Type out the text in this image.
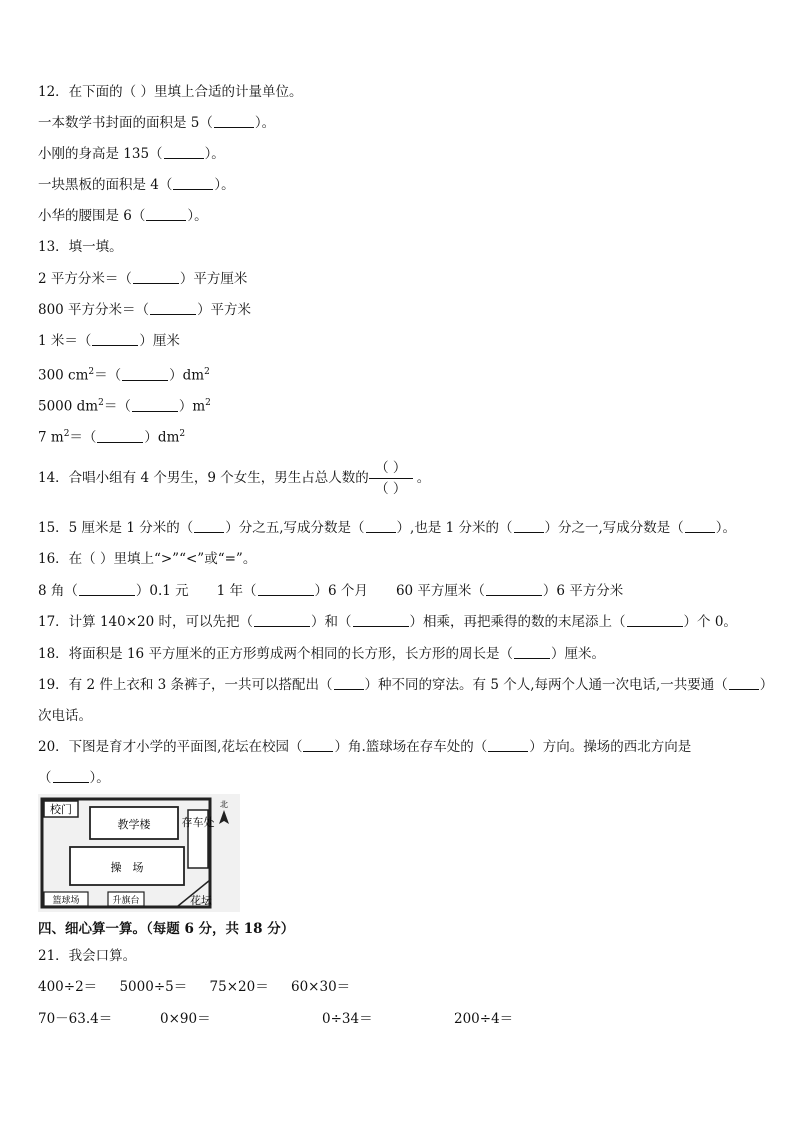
12．在下面的（ ）里填上合适的计量单位。
一本数学书封面的面积是 5（	）。
小刚的身高是 135（	）。
一块黑板的面积是 4（	）。
小华的腰围是 6（	）。
13．填一填。
2 平方分米＝（	）平方厘米
800 平方分米＝（	）平方米
1 米＝（	）厘米
300 $cm^2=$（	）$dm^2$
5000 $dm^2=$（	）$m^2$
7 $m^2=$（	）$dm^2$
14．合唱小组有 4 个男生，9 个女生，男生占总人数的$\frac{( )}{( )}$ 。
15．5 厘米是 1 分米的（ ）分之五,写成分数是（ ）,也是 1 分米的（ ）分之一,写成分数是（ ）。
16．在（ ）里填上“>”“<”或“=”。
8 角（	）0.1 元 1 年（	）6 个月 60 平方厘米（	）6 平方分米
17．计算 140×20 时，可以先把（	）和（	）相乘，再把乘得的数的末尾添上（	）个 0。
18．将面积是 16 平方厘米的正方形剪成两个相同的长方形，长方形的周长是（	）厘米。
19．有 2 件上衣和 3 条裤子，一共可以搭配出（ ）种不同的穿法。有 5 个人,每两个人通一次电话,一共要通（ ）
次电话。
20．下图是育才小学的平面图,花坛在校园（ ）角.篮球场在存车处的（	）方向。操场的西北方向是
（	）。
校门
教学楼	存车处
操　场
篮球场	升旗台	花坛
北
四、细心算一算。（每题 6 分，共 18 分）
21．我会口算。
400÷2＝ 5000÷5＝ 75×20＝ 60×30＝
70－63.4＝	0×90＝	0÷34＝	200÷4＝
